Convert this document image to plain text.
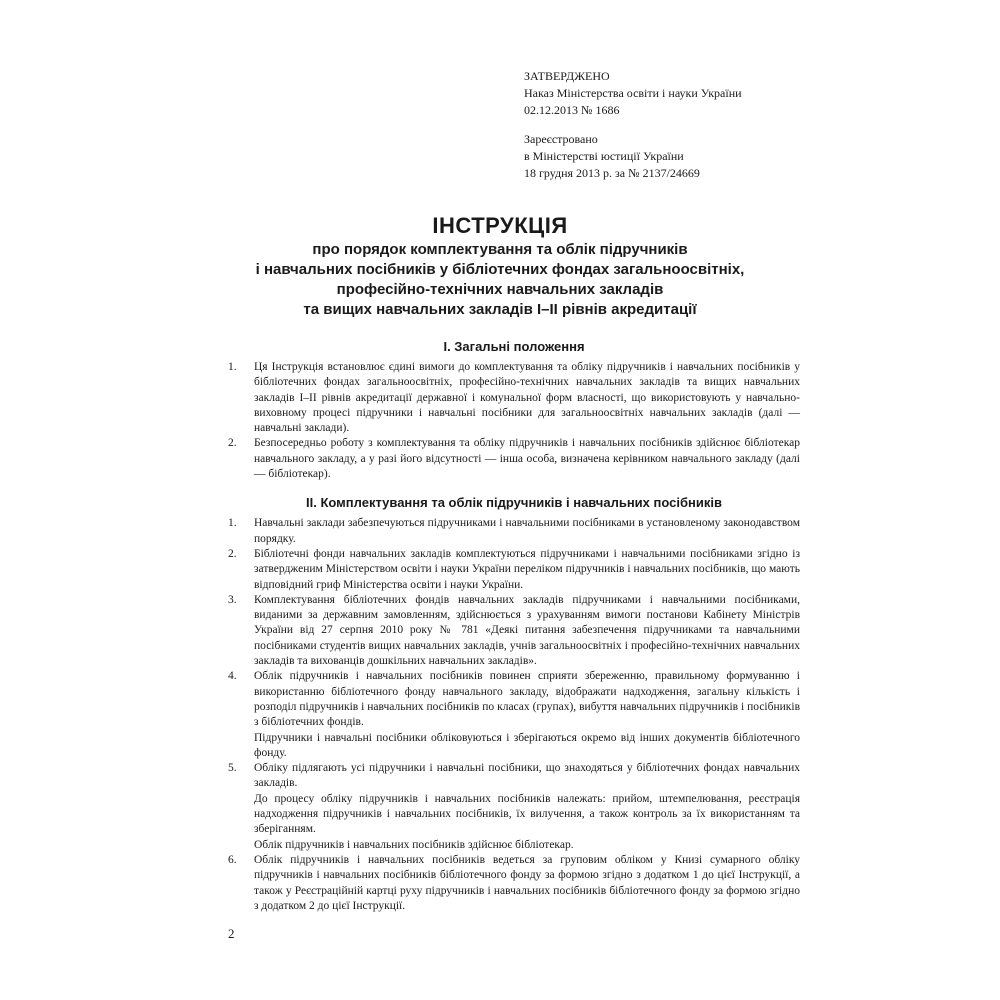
ЗАТВЕРДЖЕНО
Наказ Міністерства освіти і науки України
02.12.2013 № 1686
Зареєстровано
в Міністерстві юстиції України
18 грудня 2013 р. за № 2137/24669
ІНСТРУКЦІЯ
про порядок комплектування та облік підручників
і навчальних посібників у бібліотечних фондах загальноосвітніх,
професійно-технічних навчальних закладів
та вищих навчальних закладів І–ІІ рівнів акредитації
І. Загальні положення
1. Ця Інструкція встановлює єдині вимоги до комплектування та обліку підручників і навчальних посібників у бібліотечних фондах загальноосвітніх, професійно-технічних навчальних закладів та вищих навчальних закладів І–ІІ рівнів акредитації державної і комунальної форм власності, що використовують у навчально-виховному процесі підручники і навчальні посібники для загальноосвітніх навчальних закладів (далі — навчальні заклади).

2. Безпосередньо роботу з комплектування та обліку підручників і навчальних посібників здійснює бібліотекар навчального закладу, а у разі його відсутності — інша особа, визначена керівником навчального закладу (далі — бібліотекар).

ІІ. Комплектування та облік підручників і навчальних посібників
1. Навчальні заклади забезпечуються підручниками і навчальними посібниками в установленому законодавством порядку.

2. Бібліотечні фонди навчальних закладів комплектуються підручниками і навчальними посібниками згідно із затвердженим Міністерством освіти і науки України переліком підручників і навчальних посібників, що мають відповідний гриф Міністерства освіти і науки України.

3. Комплектування бібліотечних фондів навчальних закладів підручниками і навчальними посібниками, виданими за державним замовленням, здійснюється з урахуванням вимоги постанови Кабінету Міністрів України від 27 серпня 2010 року № 781 «Деякі питання забезпечення підручниками та навчальними посібниками студентів вищих навчальних закладів, учнів загальноосвітніх і професійно-технічних навчальних закладів та вихованців дошкільних навчальних закладів».

4. Облік підручників і навчальних посібників повинен сприяти збереженню, правильному формуванню і використанню бібліотечного фонду навчального закладу, відображати надходження, загальну кількість і розподіл підручників і навчальних посібників по класах (групах), вибуття навчальних підручників і посібників з бібліотечних фондів.

Підручники і навчальні посібники обліковуються і зберігаються окремо від інших документів бібліотечного фонду.

5. Обліку підлягають усі підручники і навчальні посібники, що знаходяться у бібліотечних фондах навчальних закладів.

До процесу обліку підручників і навчальних посібників належать: прийом, штемпелювання, реєстрація надходження підручників і навчальних посібників, їх вилучення, а також контроль за їх використанням та зберіганням.

Облік підручників і навчальних посібників здійснює бібліотекар.

6. Облік підручників і навчальних посібників ведеться за груповим обліком у Книзі сумарного обліку підручників і навчальних посібників бібліотечного фонду за формою згідно з додатком 1 до цієї Інструкції, а також у Реєстраційній картці руху підручників і навчальних посібників бібліотечного фонду за формою згідно з додатком 2 до цієї Інструкції.

2
